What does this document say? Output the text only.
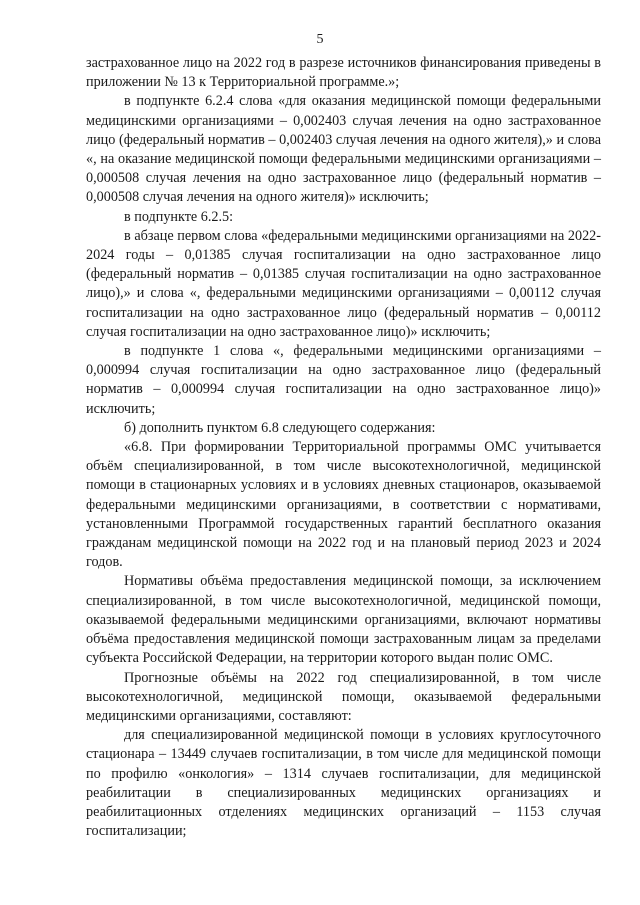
5

застрахованное лицо на 2022 год в разрезе источников финансирования приведены в приложении № 13 к Территориальной программе.»;

в подпункте 6.2.4 слова «для оказания медицинской помощи федеральными медицинскими организациями – 0,002403 случая лечения на одно застрахованное лицо (федеральный норматив – 0,002403 случая лечения на одного жителя),» и слова «, на оказание медицинской помощи федеральными медицинскими организациями – 0,000508 случая лечения на одно застрахованное лицо (федеральный норматив – 0,000508 случая лечения на одного жителя)» исключить;

в подпункте 6.2.5:

в абзаце первом слова «федеральными медицинскими организациями на 2022-2024 годы – 0,01385 случая госпитализации на одно застрахованное лицо (федеральный норматив – 0,01385 случая госпитализации на одно застрахованное лицо),» и слова «, федеральными медицинскими организациями – 0,00112 случая госпитализации на одно застрахованное лицо (федеральный норматив – 0,00112 случая госпитализации на одно застрахованное лицо)» исключить;

в подпункте 1 слова «, федеральными медицинскими организациями – 0,000994 случая госпитализации на одно застрахованное лицо (федеральный норматив – 0,000994 случая госпитализации на одно застрахованное лицо)» исключить;

б) дополнить пунктом 6.8 следующего содержания:

«6.8. При формировании Территориальной программы ОМС учитывается объём специализированной, в том числе высокотехнологичной, медицинской помощи в стационарных условиях и в условиях дневных стационаров, оказываемой федеральными медицинскими организациями, в соответствии с нормативами, установленными Программой государственных гарантий бесплатного оказания гражданам медицинской помощи на 2022 год и на плановый период 2023 и 2024 годов.

Нормативы объёма предоставления медицинской помощи, за исключением специализированной, в том числе высокотехнологичной, медицинской помощи, оказываемой федеральными медицинскими организациями, включают нормативы объёма предоставления медицинской помощи застрахованным лицам за пределами субъекта Российской Федерации, на территории которого выдан полис ОМС.

Прогнозные объёмы на 2022 год специализированной, в том числе высокотехнологичной, медицинской помощи, оказываемой федеральными медицинскими организациями, составляют:

для специализированной медицинской помощи в условиях круглосуточного стационара – 13449 случаев госпитализации, в том числе для медицинской помощи по профилю «онкология» – 1314 случаев госпитализации, для медицинской реабилитации в специализированных медицинских организациях и реабилитационных отделениях медицинских организаций – 1153 случая госпитализации;
